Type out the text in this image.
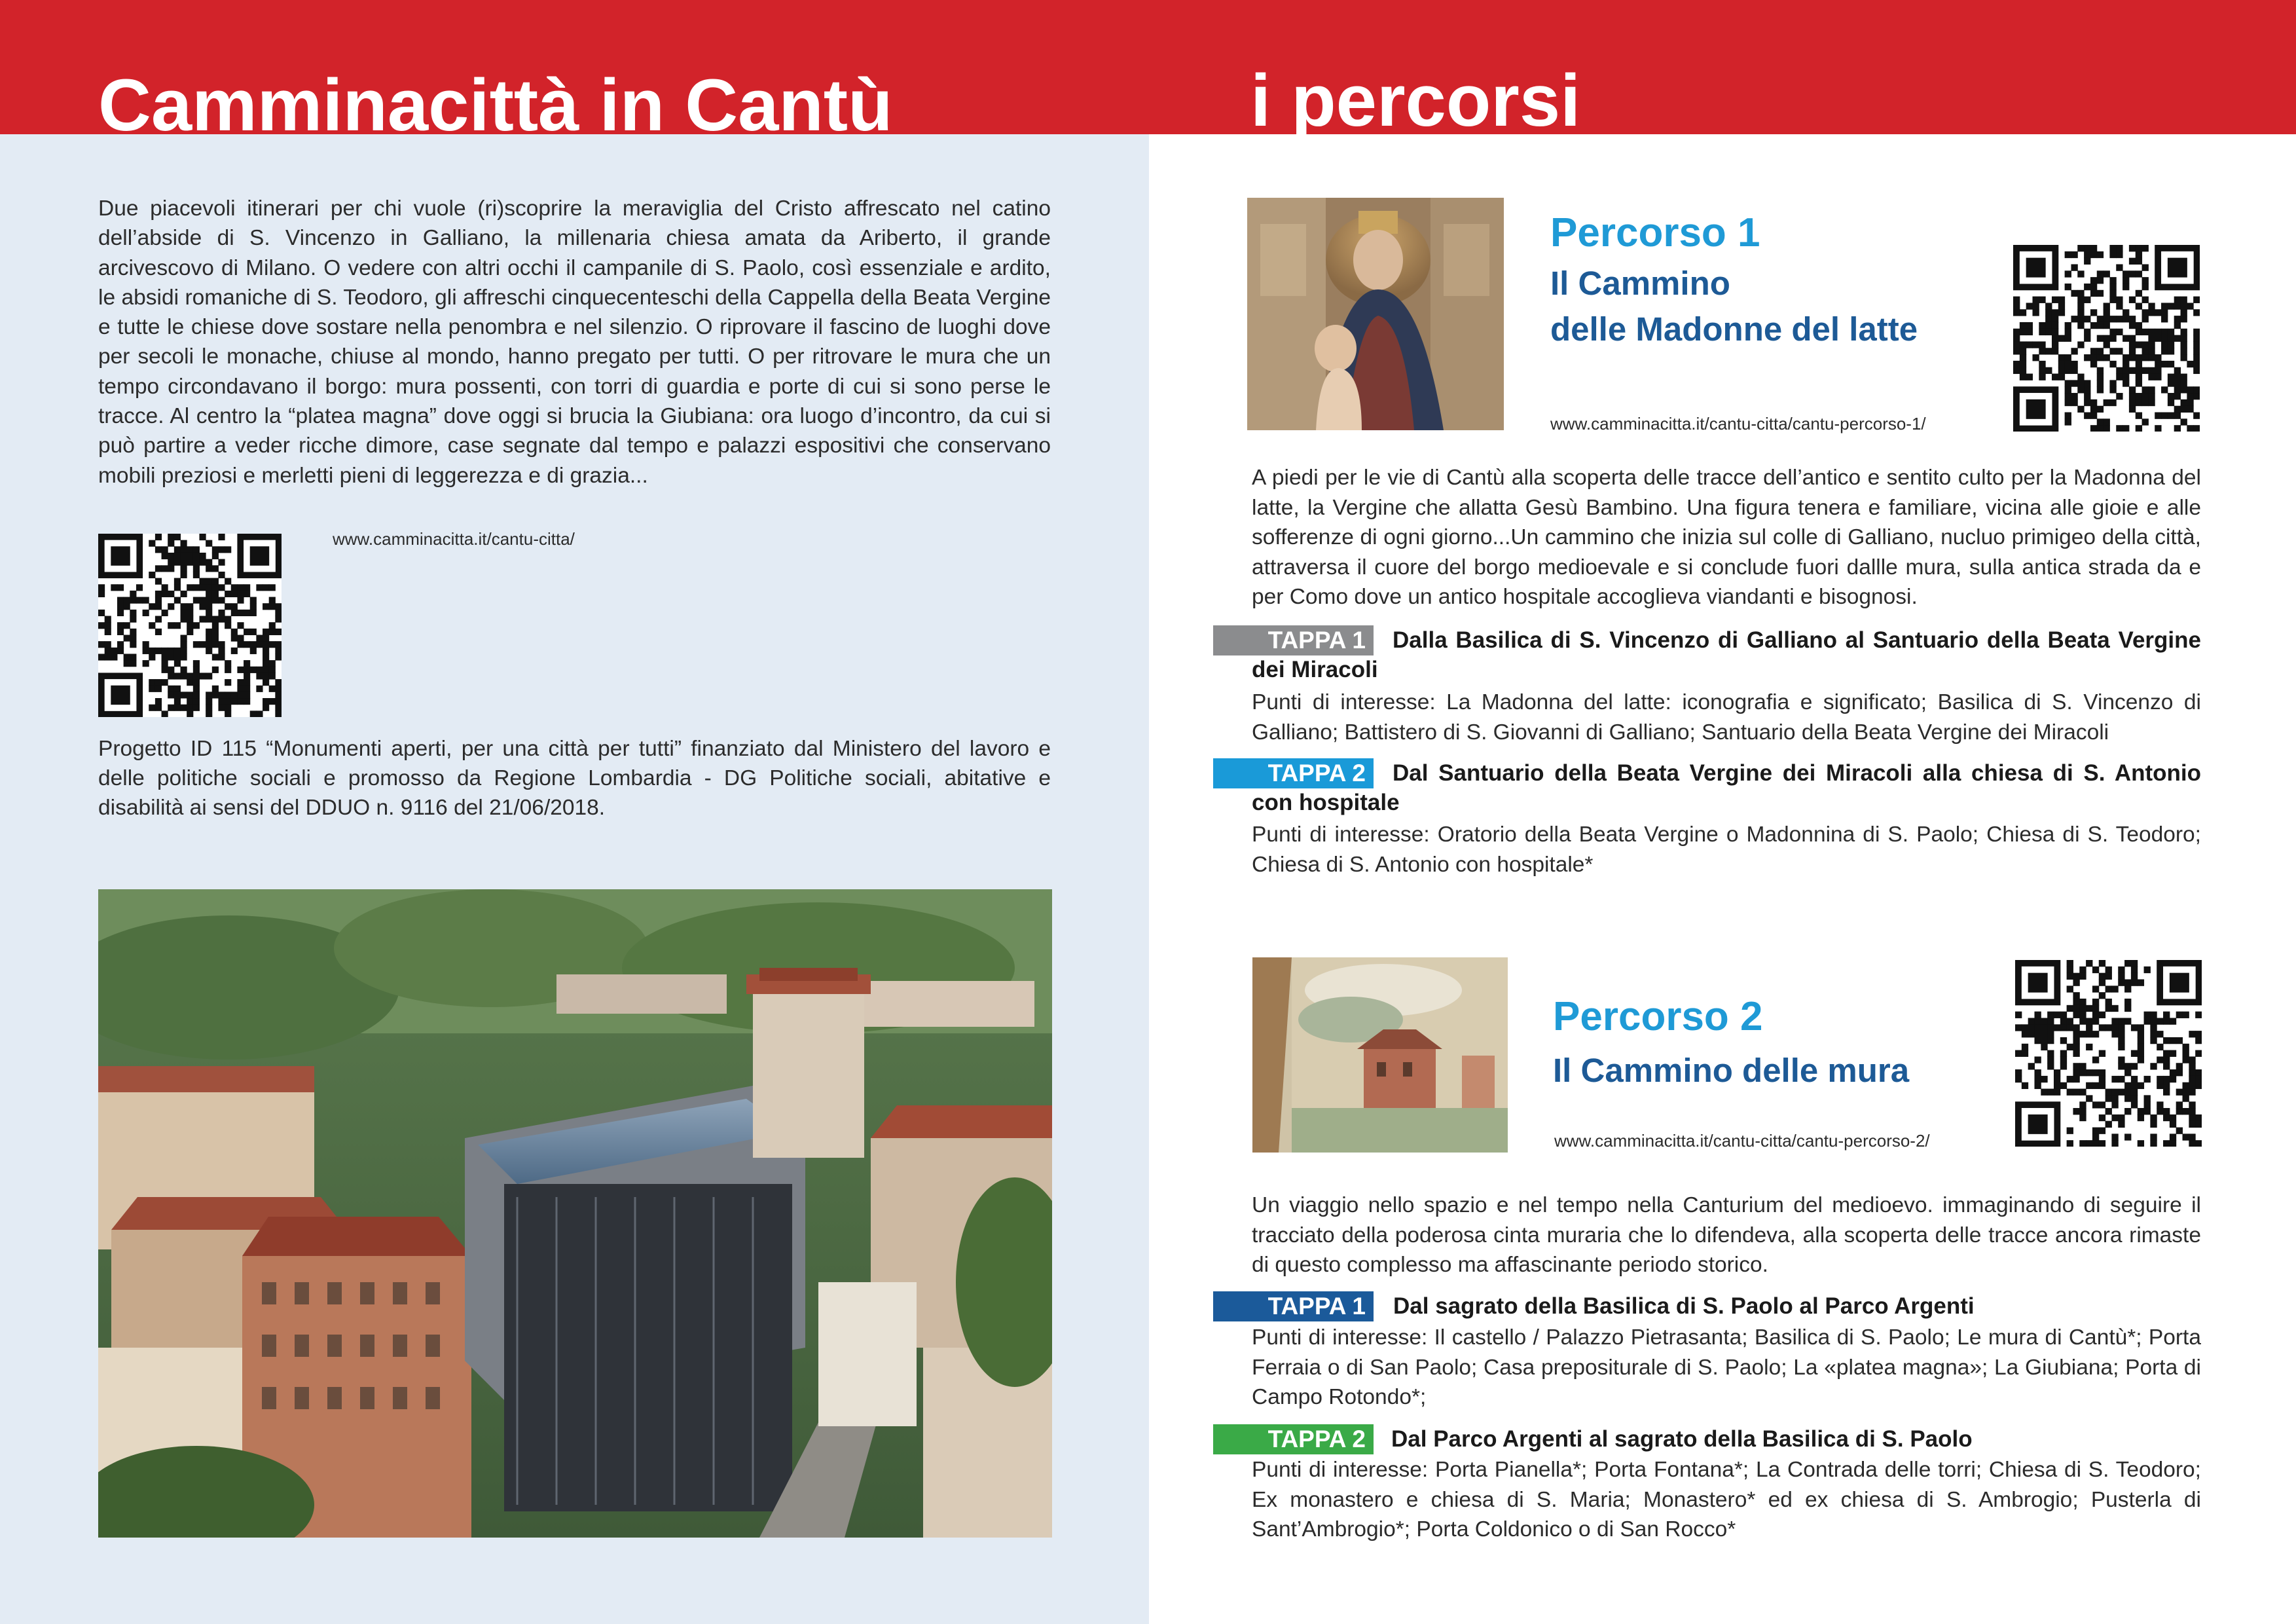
Camminacittà in Cantù	i percorsi
Due piacevoli itinerari per chi vuole (ri)scoprire la meraviglia del Cristo affrescato nel catino dell’abside di S. Vincenzo in Galliano, la millenaria chiesa amata da Ariberto, il grande arcivescovo di Milano. O vedere con altri occhi il campanile di S. Paolo, così essenziale e ardito, le absidi romaniche di S. Teodoro, gli affreschi cinquecenteschi della Cappella della Beata Vergine e tutte le chiese dove sostare nella penombra e nel silenzio. O riprovare il fascino de luoghi dove per secoli le monache, chiuse al mondo, hanno pregato per tutti. O per ritrovare le mura che un tempo circondavano il borgo: mura possenti, con torri di guardia e porte di cui si sono perse le tracce. Al centro la “platea magna” dove oggi si brucia la Giubiana: ora luogo d’incontro, da cui si può partire a veder ricche dimore, case segnate dal tempo e palazzi espositivi che conservano mobili preziosi e merletti pieni di leggerezza e di grazia...
www.camminacitta.it/cantu-citta/
Progetto ID 115 “Monumenti aperti, per una città per tutti” finanziato dal Ministero del lavoro e delle politiche sociali e promosso da Regione Lombardia - DG Politiche sociali, abitative e disabilità ai sensi del DDUO n. 9116 del 21/06/2018.
Percorso 1
Il Cammino
delle Madonne del latte
www.camminacitta.it/cantu-citta/cantu-percorso-1/
A piedi per le vie di Cantù alla scoperta delle tracce dell’antico e sentito culto per la Madonna del latte, la Vergine che allatta Gesù Bambino. Una figura tenera e familiare, vicina alle gioie e alle sofferenze di ogni giorno...Un cammino che inizia sul colle di Galliano, nucluo primigeo della città, attraversa il cuore del borgo medioevale e si conclude fuori dallle mura, sulla antica strada da e per Como dove un antico hospitale accoglieva viandanti e bisognosi.
TAPPA 1	Dalla Basilica di S. Vincenzo di Galliano al Santuario della Beata Vergine dei Miracoli
Punti di interesse: La Madonna del latte: iconografia e significato; Basilica di S. Vincenzo di Galliano; Battistero di S. Giovanni di Galliano; Santuario della Beata Vergine dei Miracoli
TAPPA 2	Dal Santuario della Beata Vergine dei Miracoli alla chiesa di S. Antonio con hospitale
Punti di interesse: Oratorio della Beata Vergine o Madonnina di S. Paolo; Chiesa di S. Teodoro; Chiesa di S. Antonio con hospitale*
Percorso 2
Il Cammino delle mura
www.camminacitta.it/cantu-citta/cantu-percorso-2/
Un viaggio nello spazio e nel tempo nella Canturium del medioevo. immaginando di seguire il tracciato della poderosa cinta muraria che lo difendeva, alla scoperta delle tracce ancora rimaste di questo complesso ma affascinante periodo storico.
TAPPA 1 Dal sagrato della Basilica di S. Paolo al Parco Argenti
Punti di interesse: Il castello / Palazzo Pietrasanta; Basilica di S. Paolo; Le mura di Cantù*; Porta Ferraia o di San Paolo; Casa prepositurale di S. Paolo; La «platea magna»; La Giubiana; Porta di Campo Rotondo*;
TAPPA 2 Dal Parco Argenti al sagrato della Basilica di S. Paolo
Punti di interesse: Porta Pianella*; Porta Fontana*; La Contrada delle torri; Chiesa di S. Teodoro; Ex monastero e chiesa di S. Maria; Monastero* ed ex chiesa di S. Ambrogio; Pusterla di Sant’Ambrogio*; Porta Coldonico o di San Rocco*
